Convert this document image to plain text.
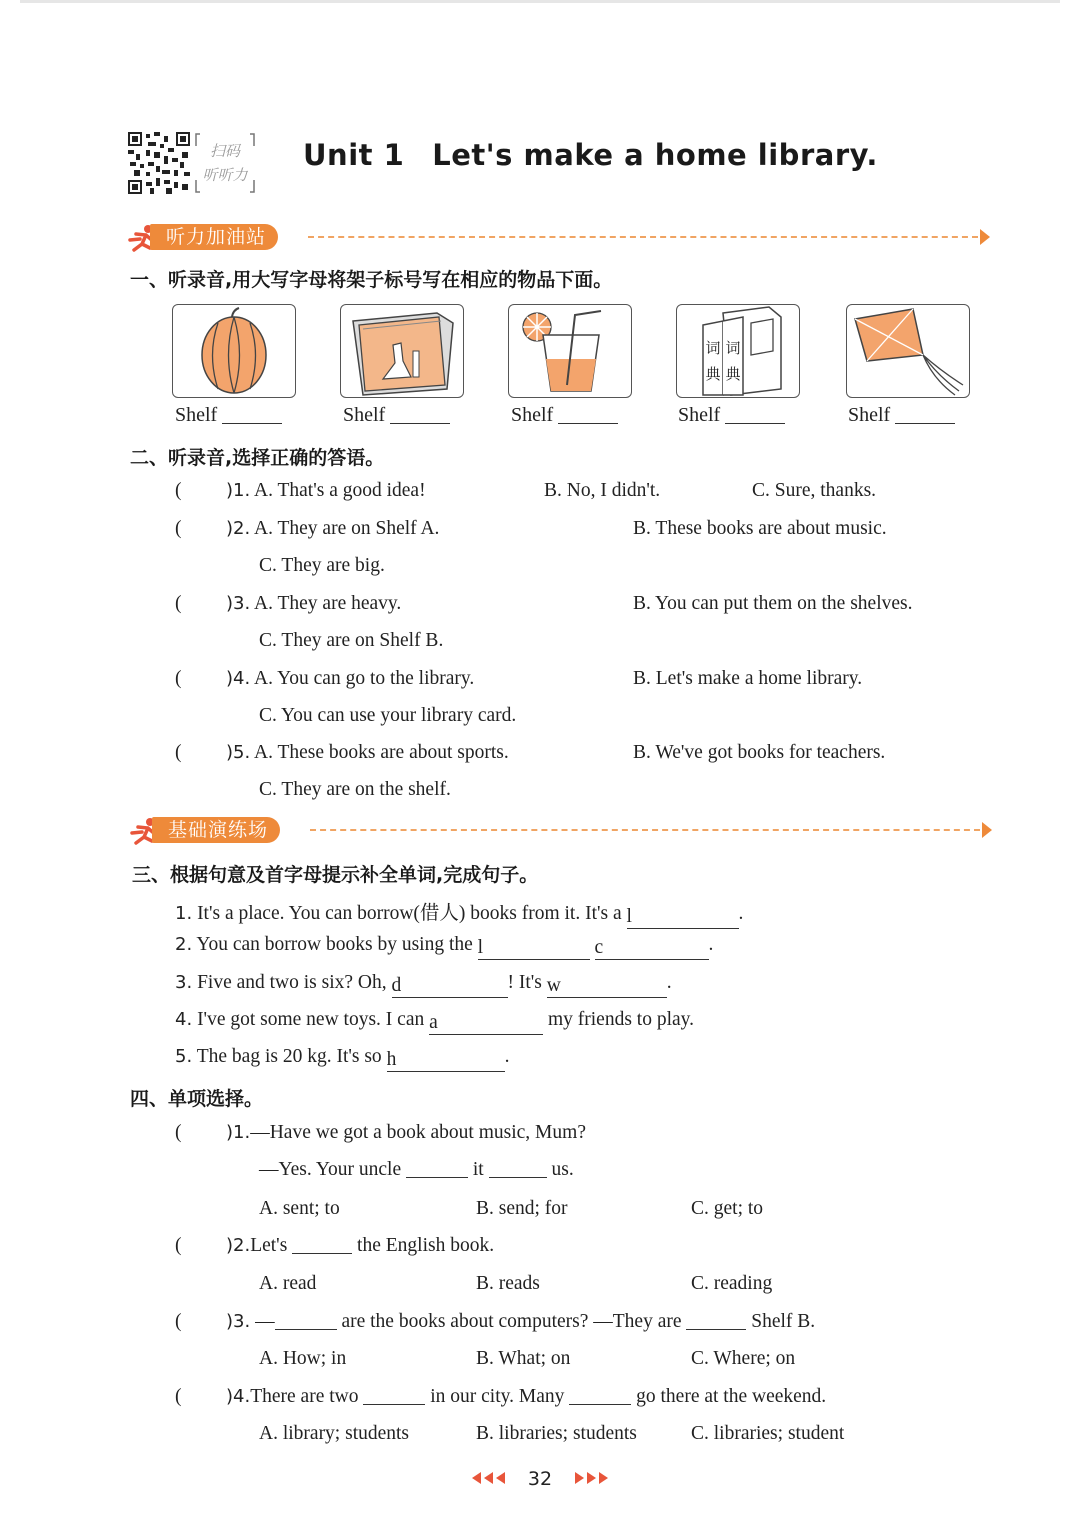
扫码
听听力
Unit 1 Let's make a home library.
听力加油站
一、听录音,用大写字母将架子标号写在相应的物品下面。
词
典
词
典
Shelf	Shelf	Shelf	Shelf	Shelf
二、听录音,选择正确的答语。
( )1. A. That's a good idea!	B. No, I didn't.	C. Sure, thanks.
( )2. A. They are on Shelf A.	B. These books are about music.
C. They are big.
( )3. A. They are heavy.	B. You can put them on the shelves.
C. They are on Shelf B.
( )4. A. You can go to the library.	B. Let's make a home library.
C. You can use your library card.
( )5. A. These books are about sports.	B. We've got books for teachers.
C. They are on the shelf.
基础演练场
三、根据句意及首字母提示补全单词,完成句子。
1. It's a place. You can borrow(借人) books from it. It's a l	.
2. You can borrow books by using the l	c	.
3. Five and two is six? Oh, d	! It's w	.
4. I've got some new toys. I can a	my friends to play.
5. The bag is 20 kg. It's so h	.
四、单项选择。
( )1.—Have we got a book about music, Mum?
—Yes. Your uncle	it	us.
A. sent; to	B. send; for	C. get; to
( )2.Let's	the English book.
A. read	B. reads	C. reading
( )3. —	are the books about computers? —They are	Shelf B.
A. How; in	B. What; on	C. Where; on
( )4.There are two	in our city. Many	go there at the weekend.
A. library; students	B. libraries; students	C. libraries; student
32
